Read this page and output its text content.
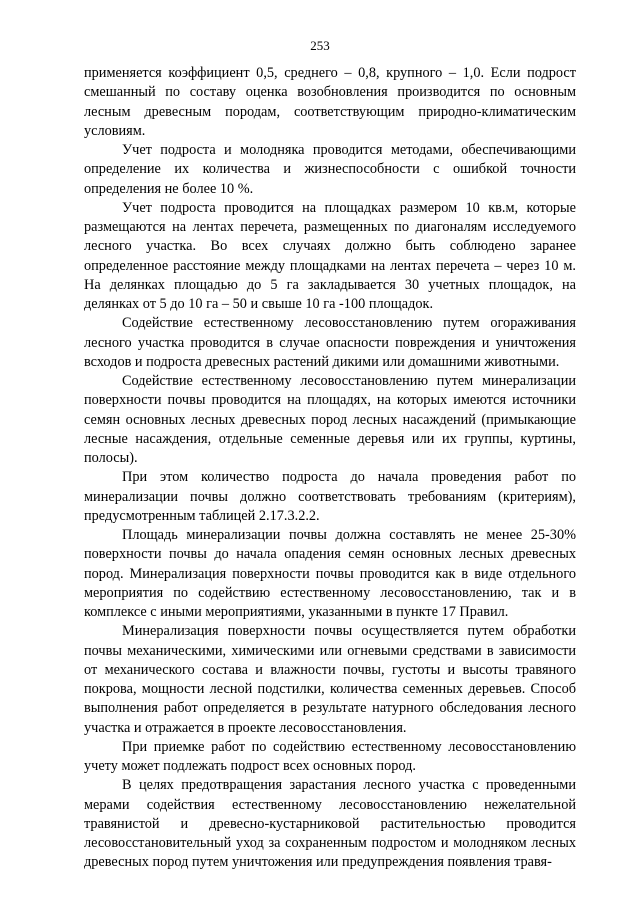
253

применяется коэффициент 0,5, среднего – 0,8, крупного – 1,0. Если подрост смешанный по составу оценка возобновления производится по основным лесным древесным породам, соответствующим природно-климатическим условиям.

Учет подроста и молодняка проводится методами, обеспечивающими определение их количества и жизнеспособности с ошибкой точности определения не более 10 %.

Учет подроста проводится на площадках размером 10 кв.м, которые размещаются на лентах перечета, размещенных по диагоналям исследуемого лесного участка. Во всех случаях должно быть соблюдено заранее определенное расстояние между площадками на лентах перечета – через 10 м. На делянках площадью до 5 га закладывается 30 учетных площадок, на делянках от 5 до 10 га – 50 и свыше 10 га -100 площадок.

Содействие естественному лесовосстановлению путем огораживания лесного участка проводится в случае опасности повреждения и уничтожения всходов и подроста древесных растений дикими или домашними животными.

Содействие естественному лесовосстановлению путем минерализации поверхности почвы проводится на площадях, на которых имеются источники семян основных лесных древесных пород лесных насаждений (примыкающие лесные насаждения, отдельные семенные деревья или их группы, куртины, полосы).

При этом количество подроста до начала проведения работ по минерализации почвы должно соответствовать требованиям (критериям), предусмотренным таблицей 2.17.3.2.2.

Площадь минерализации почвы должна составлять не менее 25-30% поверхности почвы до начала опадения семян основных лесных древесных пород. Минерализация поверхности почвы проводится как в виде отдельного мероприятия по содействию естественному лесовосстановлению, так и в комплексе с иными мероприятиями, указанными в пункте 17 Правил.

Минерализация поверхности почвы осуществляется путем обработки почвы механическими, химическими или огневыми средствами в зависимости от механического состава и влажности почвы, густоты и высоты травяного покрова, мощности лесной подстилки, количества семенных деревьев. Способ выполнения работ определяется в результате натурного обследования лесного участка и отражается в проекте лесовосстановления.

При приемке работ по содействию естественному лесовосстановлению учету может подлежать подрост всех основных пород.

В целях предотвращения зарастания лесного участка с проведенными мерами содействия естественному лесовосстановлению нежелательной травянистой и древесно-кустарниковой растительностью проводится лесовосстановительный уход за сохраненным подростом и молодняком лесных древесных пород путем уничтожения или предупреждения появления травя-
